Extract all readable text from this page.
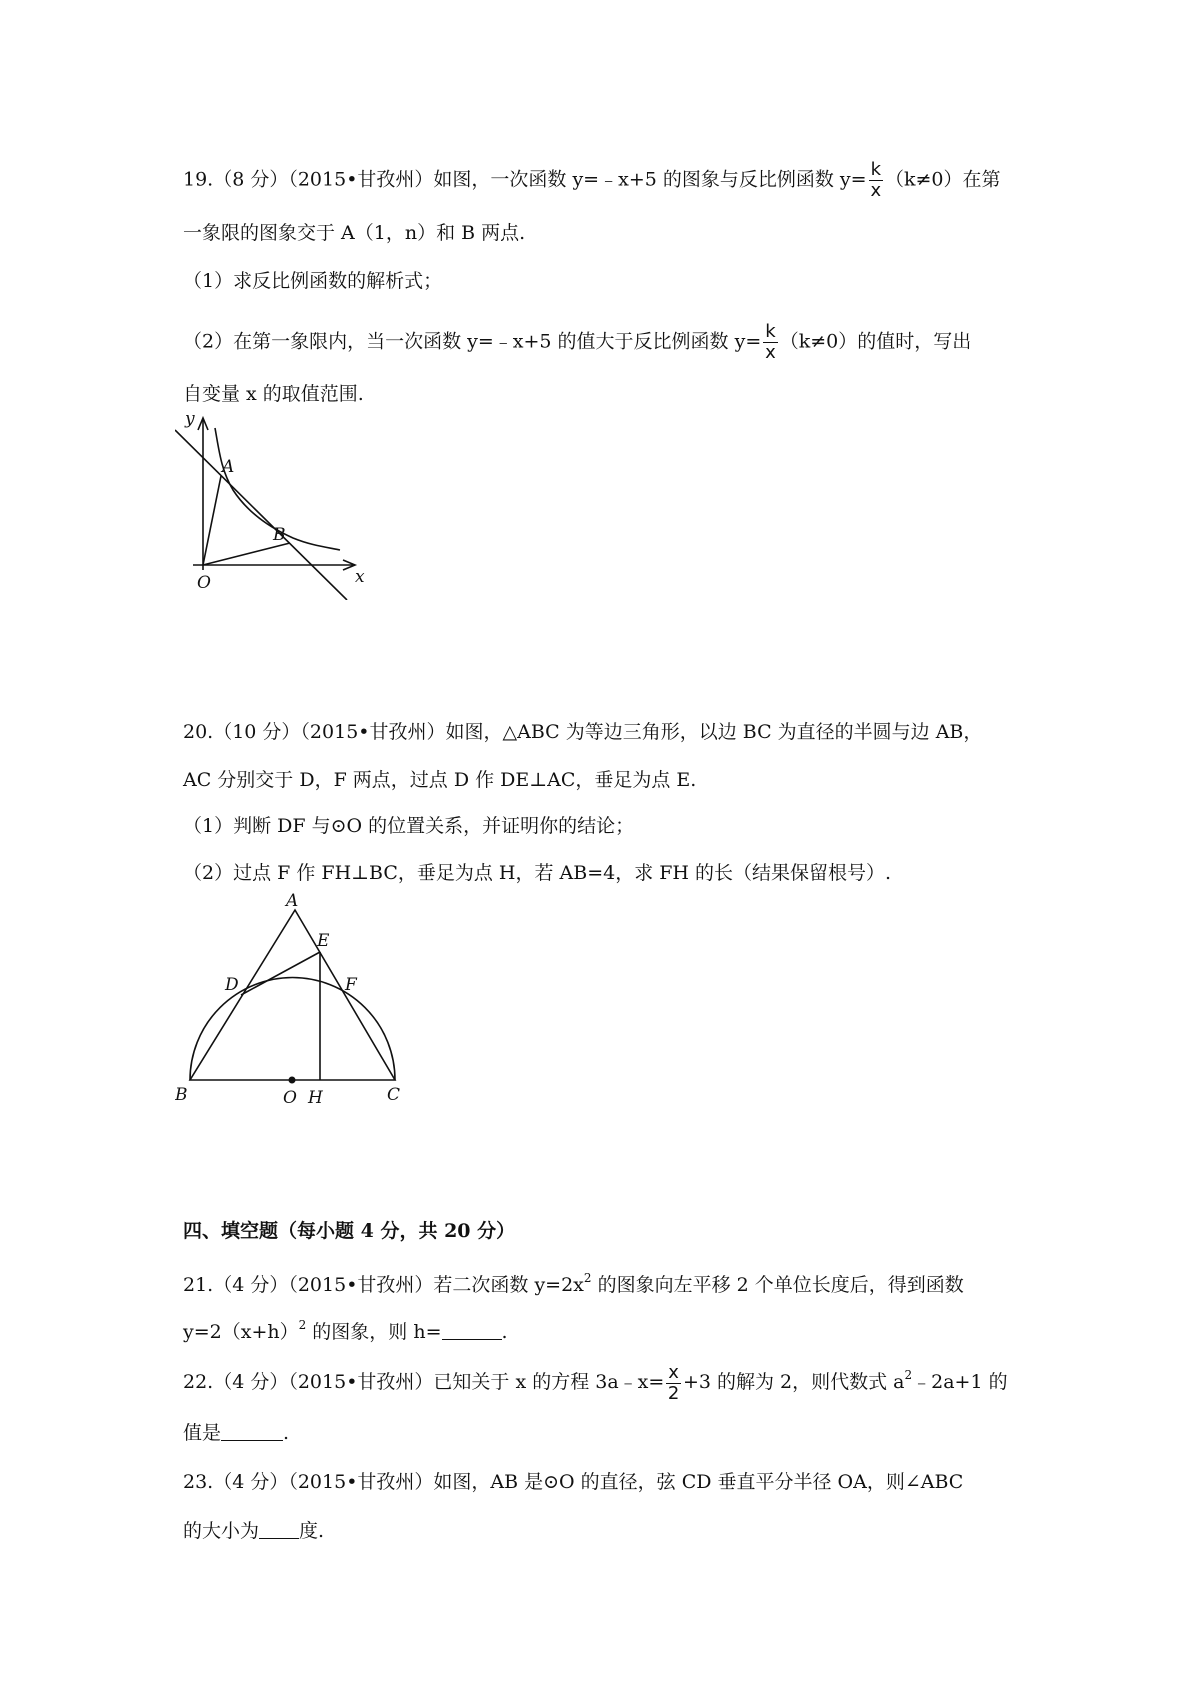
19.（8 分）（2015•甘孜州）如图，一次函数 y=﹣x+5 的图象与反比例函数 $y= \frac{k}{x} (k\ne 0)$在第
一象限的图象交于 A（1，n）和 B 两点.
（1）求反比例函数的解析式；
（2）在第一象限内，当一次函数 y=﹣x+5 的值大于反比例函数 $y= \frac{k}{x} (k\ne 0)$的值时，写出
自变量 x 的取值范围.
y
A
B
O	x
20.（10 分）（2015•甘孜州）如图，△ABC 为等边三角形，以边 BC 为直径的半圆与边 AB，
AC 分别交于 D，F 两点，过点 D 作 DE⊥AC，垂足为点 E.
（1）判断 DF 与⊙O 的位置关系，并证明你的结论；
（2）过点 F 作 FH⊥BC，垂足为点 H，若 AB=4，求 FH 的长（结果保留根号）.
A
E
D	F
B	O H	C
四、填空题（每小题 4 分，共 20 分）
21.（4 分）（2015•甘孜州）若二次函数 $y=2x^2$ 的图象向左平移 2 个单位长度后，得到函数
$y=2(x+h)^2$ 的图象，则 h=	.
22.（4 分）（2015•甘孜州）已知关于 x 的方程 3a﹣x= $\frac{x}{2} +3$ 的解为 2，则代数式 $a^2﹣2a+1$ 的
值是	.
23.（4 分）（2015•甘孜州）如图，AB 是⊙O 的直径，弦 CD 垂直平分半径 OA，则∠ABC
的大小为 度.
